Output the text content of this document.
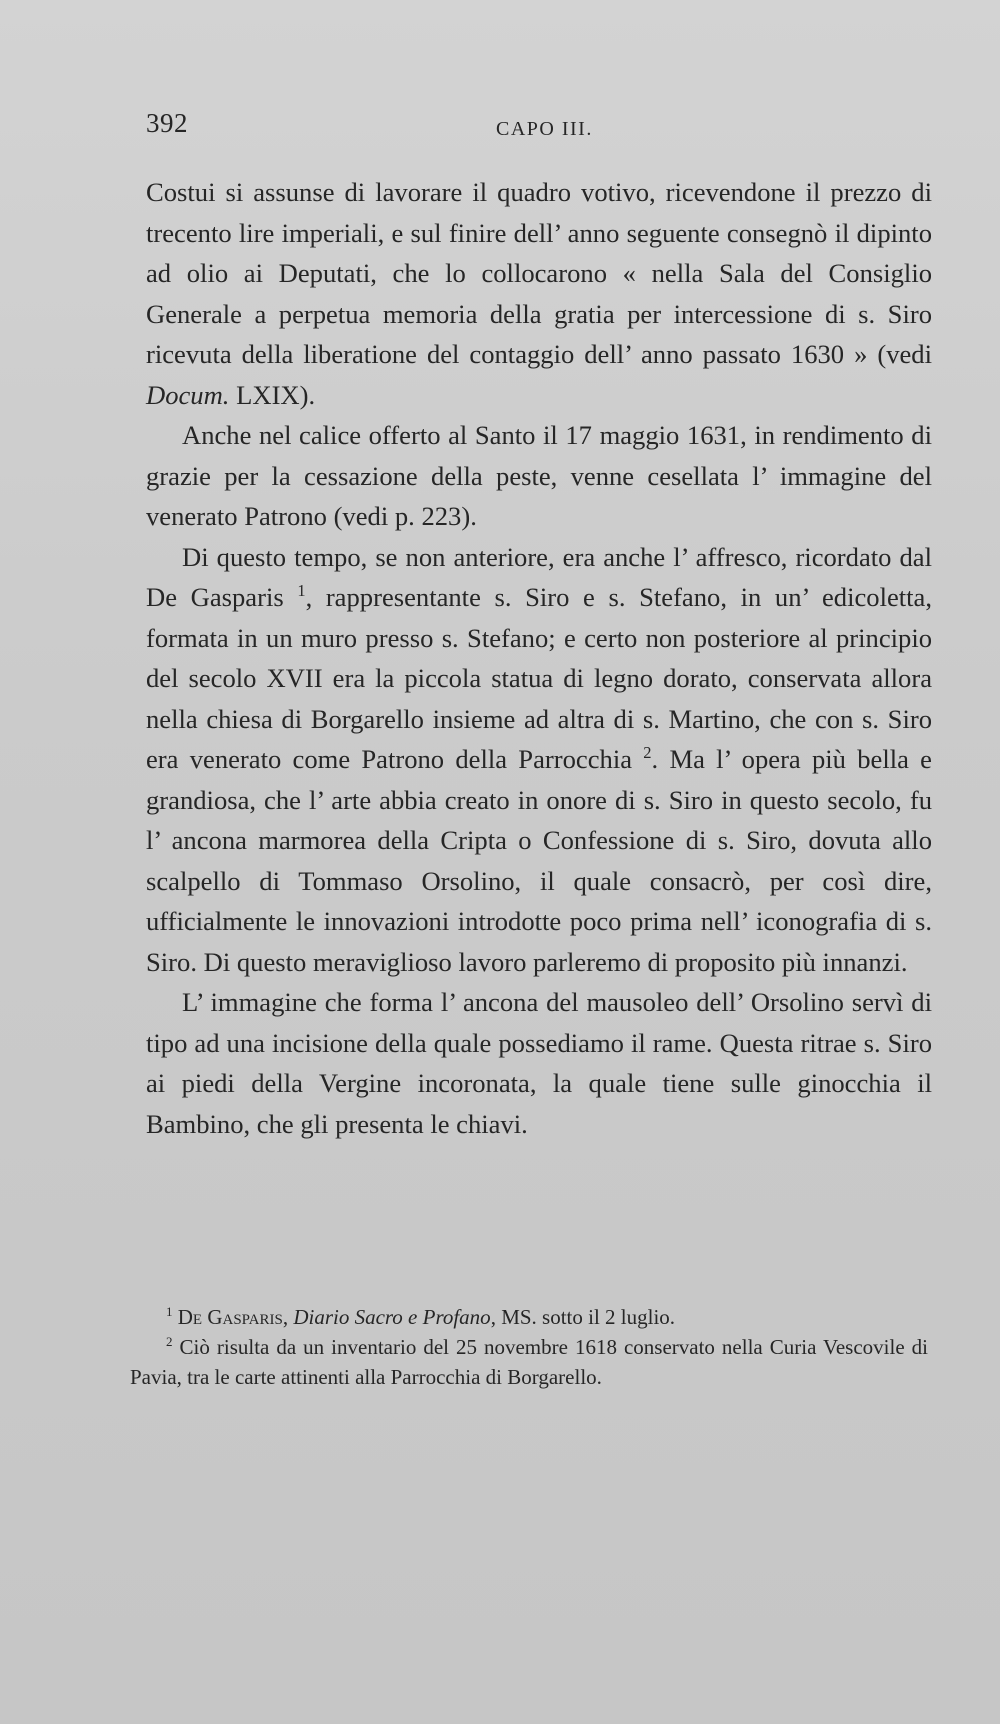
392	CAPO III.

Costui si assunse di lavorare il quadro votivo, ricevendone il prezzo di trecento lire imperiali, e sul finire dell’ anno seguente consegnò il dipinto ad olio ai Deputati, che lo collocarono « nella Sala del Consiglio Generale a perpetua memoria della gratia per intercessione di s. Siro ricevuta della liberatione del contaggio dell’ anno passato 1630 » (vedi Docum. LXIX).

Anche nel calice offerto al Santo il 17 maggio 1631, in rendimento di grazie per la cessazione della peste, venne cesellata l’ immagine del venerato Patrono (vedi p. 223).

Di questo tempo, se non anteriore, era anche l’ affresco, ricordato dal De Gasparis $^1$, rappresentante s. Siro e s. Stefano, in un’ edicoletta, formata in un muro presso s. Stefano; e certo non posteriore al principio del secolo XVII era la piccola statua di legno dorato, conservata allora nella chiesa di Borgarello insieme ad altra di s. Martino, che con s. Siro era venerato come Patrono della Parrocchia $^2$. Ma l’ opera più bella e grandiosa, che l’ arte abbia creato in onore di s. Siro in questo secolo, fu l’ ancona marmorea della Cripta o Confessione di s. Siro, dovuta allo scalpello di Tommaso Orsolino, il quale consacrò, per così dire, ufficialmente le innovazioni introdotte poco prima nell’ iconografia di s. Siro. Di questo meraviglioso lavoro parleremo di proposito più innanzi.

L’ immagine che forma l’ ancona del mausoleo dell’ Orsolino servì di tipo ad una incisione della quale possediamo il rame. Questa ritrae s. Siro ai piedi della Vergine incoronata, la quale tiene sulle ginocchia il Bambino, che gli presenta le chiavi.

$^1$ De Gasparis, Diario Sacro e Profano, MS. sotto il 2 luglio.

$^2$ Ciò risulta da un inventario del 25 novembre 1618 conservato nella Curia Vescovile di Pavia, tra le carte attinenti alla Parrocchia di Borgarello.
